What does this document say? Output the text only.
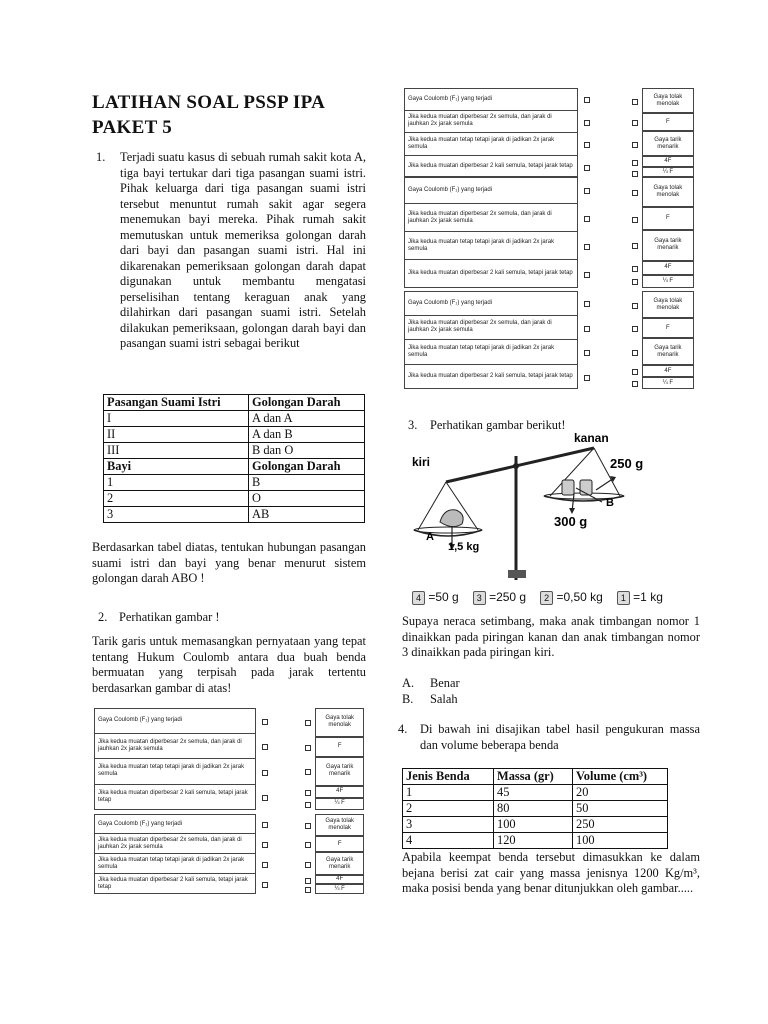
LATIHAN SOAL PSSP IPA
PAKET 5
1.	Terjadi suatu kasus di sebuah rumah sakit kota A, tiga bayi tertukar dari tiga pasangan suami istri. Pihak keluarga dari tiga pasangan suami istri tersebut menuntut rumah sakit agar segera menemukan bayi mereka. Pihak rumah sakit memutuskan untuk memeriksa golongan darah dari bayi dan pasangan suami istri. Hal ini dikarenakan pemeriksaan golongan darah dapat digunakan untuk membantu mengatasi perselisihan tentang keraguan anak yang dilahirkan dari pasangan suami istri. Setelah dilakukan pemeriksaan, golongan darah bayi dan pasangan suami istri sebagai berikut
Pasangan Suami Istri	Golongan Darah
I	A dan A
II	A dan B
III	B dan O
Bayi	Golongan Darah
1	B
2	O
3	AB
Berdasarkan tabel diatas, tentukan hubungan pasangan suami istri dan bayi yang benar menurut sistem golongan darah ABO !
2. Perhatikan gambar !
Tarik garis untuk memasangkan pernyataan yang tepat tentang Hukum Coulomb antara dua buah benda bermuatan yang terpisah pada jarak tertentu berdasarkan gambar di atas!
Gaya Coulomb (F₁) yang terjadi
Jika kedua muatan diperbesar 2x semula, dan jarak di jauhkan 2x jarak semula
Jika kedua muatan tetap tetapi jarak di jadikan 2x jarak semula
Jika kedua muatan diperbesar 2 kali semula, tetapi jarak tetap
Gaya tolak menolak
F
Gaya tarik menarik
4F
¼ F
Gaya Coulomb (F₁) yang terjadi
Jika kedua muatan diperbesar 2x semula, dan jarak di jauhkan 2x jarak semula
Jika kedua muatan tetap tetapi jarak di jadikan 2x jarak semula
Jika kedua muatan diperbesar 2 kali semula, tetapi jarak tetap
Gaya tolak menolak
F
Gaya tarik menarik
4F
¼ F
Gaya Coulomb (F₁) yang terjadi
Jika kedua muatan diperbesar 2x semula, dan jarak di jauhkan 2x jarak semula
Jika kedua muatan tetap tetapi jarak di jadikan 2x jarak semula
Jika kedua muatan diperbesar 2 kali semula, tetapi jarak tetap
Gaya tolak menolak
F
Gaya tarik menarik
4F
¼ F
Gaya Coulomb (F₁) yang terjadi
Jika kedua muatan diperbesar 2x semula, dan jarak di jauhkan 2x jarak semula
Jika kedua muatan tetap tetapi jarak di jadikan 2x jarak semula
Jika kedua muatan diperbesar 2 kali semula, tetapi jarak tetap
Gaya tolak menolak
F
Gaya tarik menarik
4F
¼ F
Gaya Coulomb (F₁) yang terjadi
Jika kedua muatan diperbesar 2x semula, dan jarak di jauhkan 2x jarak semula
Jika kedua muatan tetap tetapi jarak di jadikan 2x jarak semula
Jika kedua muatan diperbesar 2 kali semula, tetapi jarak tetap
Gaya tolak menolak
F
Gaya tarik menarik
4F
¼ F
3.	Perhatikan gambar berikut!
kiri
kanan
250 g
300 g
B
A
1,5 kg
4 =50 g	3 =250 g	2 =0,50 kg	1 =1 kg
Supaya neraca setimbang, maka anak timbangan nomor 1 dinaikkan pada piringan kanan dan anak timbangan nomor 3 dinaikkan pada piringan kiri.
A. Benar
B. Salah
4.	Di bawah ini disajikan tabel hasil pengukuran massa dan volume beberapa benda
Jenis Benda	Massa (gr)	Volume (cm³)
1	45	20
2	80	50
3	100	250
4	120	100
Apabila keempat benda tersebut dimasukkan ke dalam bejana berisi zat cair yang massa jenisnya 1200 Kg/m³, maka posisi benda yang benar ditunjukkan oleh gambar.....
